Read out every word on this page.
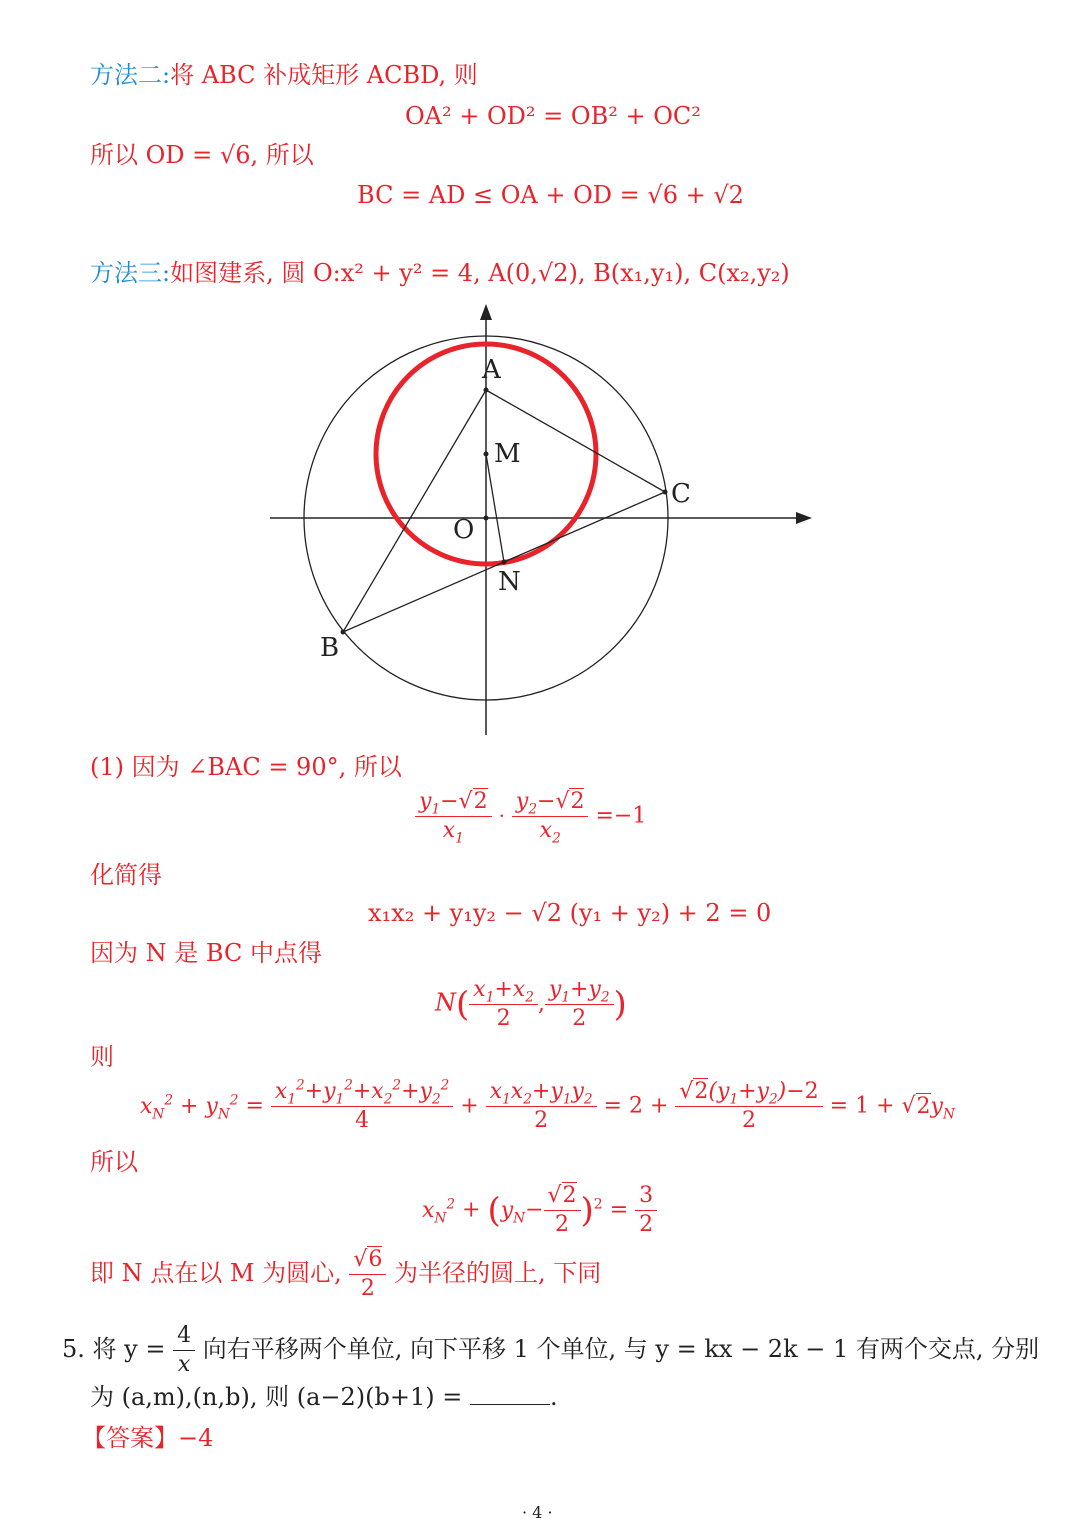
方法二:将 ABC 补成矩形 ACBD, 则
OA² + OD² = OB² + OC²
所以 OD = √6, 所以
BC = AD ≤ OA + OD = √6 + √2
方法三:如图建系, 圆 O:x² + y² = 4, A(0,√2), B(x₁,y₁), C(x₂,y₂)
A
M
C
O
N
B
(1) 因为 ∠BAC = 90°, 所以
$\frac{y_1-√2}{x_1} \cdot \frac{y_2-√2}{x_2} =-1$
化简得
x₁x₂ + y₁y₂ − √2 (y₁ + y₂) + 2 = 0
因为 N 是 BC 中点得
$N( \frac{x_1+x_2}{2}$ , $\frac{y_1+y_2}{2}$ )
则
$x_N^2 + y_N^2 = \frac{x_1^2+y_1^2+x_2^2+y_2^2}{4} + \frac{x_1x_2+y_1y_2}{2} = 2 + \frac{√2(y_1+y_2)-2}{2} = 1 + √2y_N$
所以
$x_N^2 + (y_N- \frac{√2}{2} )^2 = \frac{3}{2}$
即 N 点在以 M 为圆心, $\frac{√6}{2}$ 为半径的圆上, 下同
5. 将 $y = \frac{4}{x}$ 向右平移两个单位, 向下平移 1 个单位, 与 y = kx − 2k − 1 有两个交点, 分别
为 (a,m),(n,b), 则 (a−2)(b+1) =	.
【答案】−4
· 4 ·
